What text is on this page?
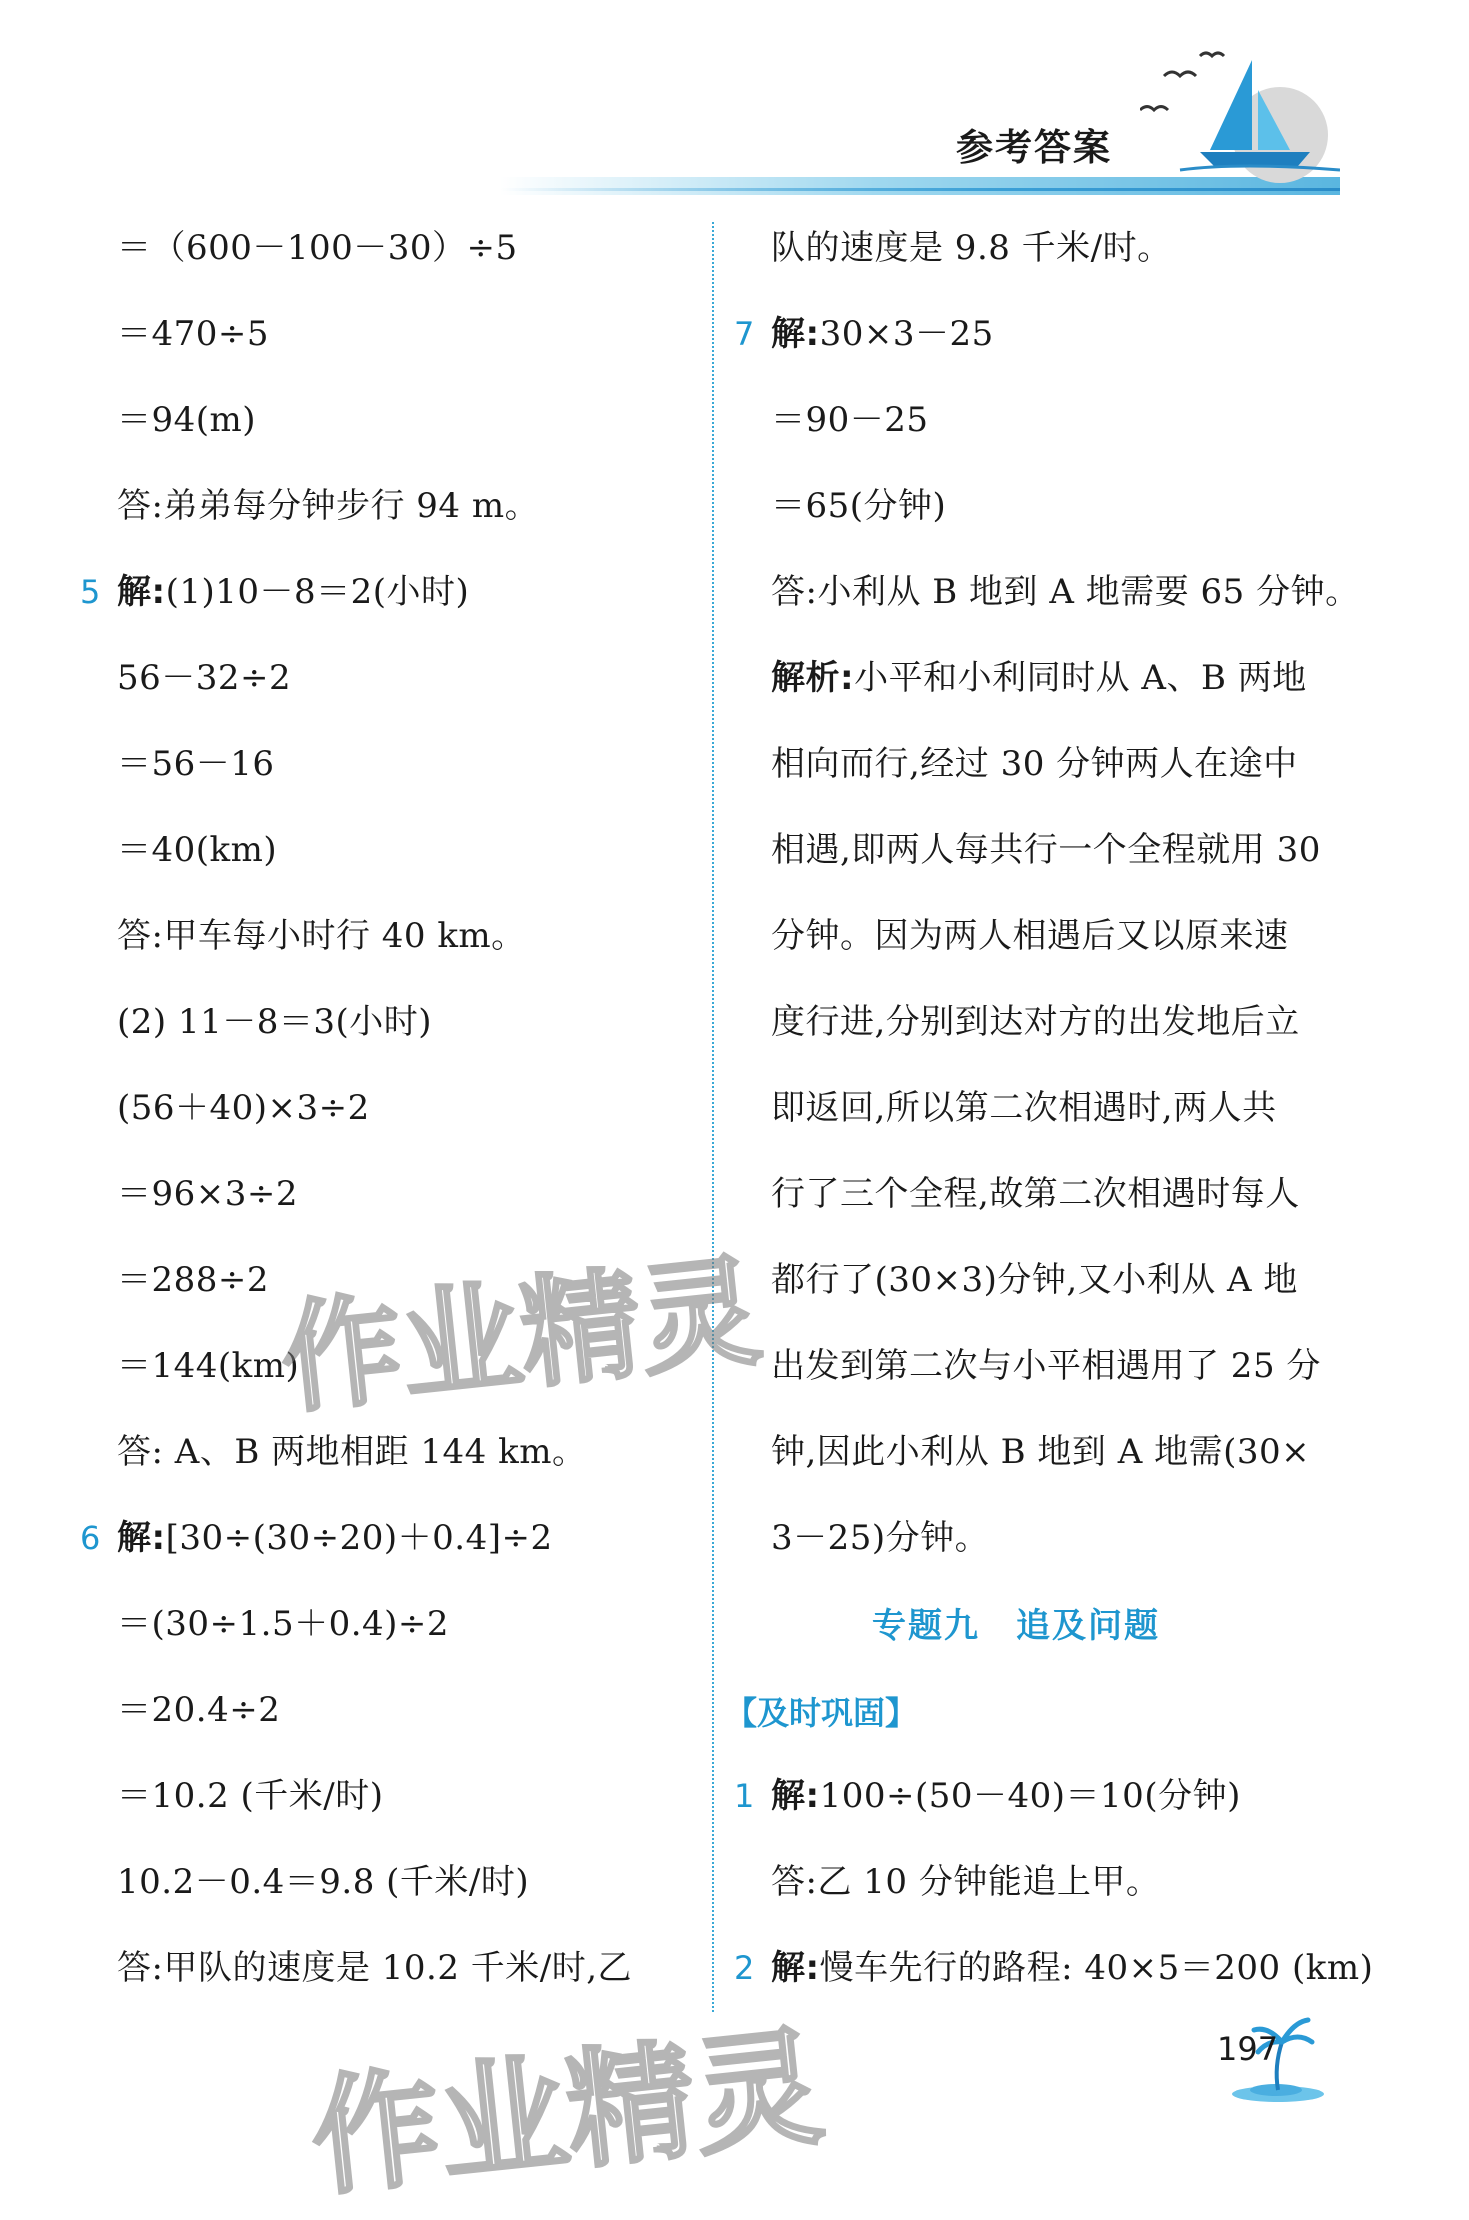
参考答案
＝（600－100－30）÷5
＝470÷5
＝94(m)
答:弟弟每分钟步行 94 m。
5 解:(1)10－8＝2(小时)
56－32÷2
＝56－16
＝40(km)
答:甲车每小时行 40 km。
(2) 11－8＝3(小时)
(56＋40)×3÷2
＝96×3÷2
＝288÷2
＝144(km)
答: A、B 两地相距 144 km。
6 解:[30÷(30÷20)＋0.4]÷2
＝(30÷1.5＋0.4)÷2
＝20.4÷2
＝10.2 (千米/时)
10.2－0.4＝9.8 (千米/时)
答:甲队的速度是 10.2 千米/时,乙
队的速度是 9.8 千米/时。
7 解:30×3－25
＝90－25
＝65(分钟)
答:小利从 B 地到 A 地需要 65 分钟。
解析:小平和小利同时从 A、B 两地
相向而行,经过 30 分钟两人在途中
相遇,即两人每共行一个全程就用 30
分钟。因为两人相遇后又以原来速
度行进,分别到达对方的出发地后立
即返回,所以第二次相遇时,两人共
行了三个全程,故第二次相遇时每人
都行了(30×3)分钟,又小利从 A 地
出发到第二次与小平相遇用了 25 分
钟,因此小利从 B 地到 A 地需(30×
3－25)分钟。
专题九　追及问题
【及时巩固】
1 解:100÷(50－40)＝10(分钟)
答:乙 10 分钟能追上甲。
2 解:慢车先行的路程: 40×5＝200 (km)
作业精灵
作业精灵	197
